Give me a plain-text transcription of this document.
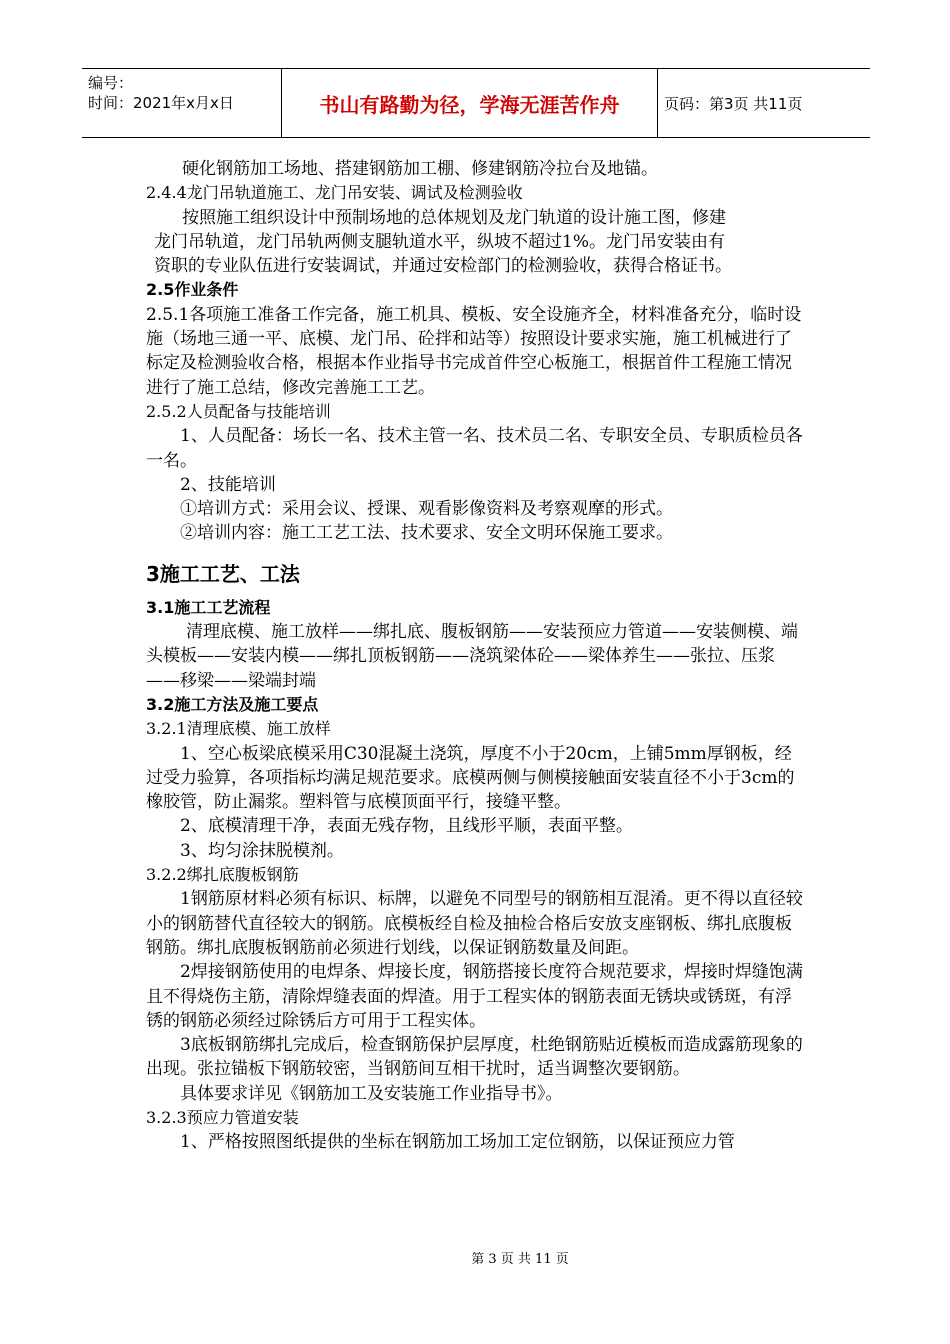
编号：
时间：2021年x月x日	书山有路勤为径，学海无涯苦作舟	页码：第3页 共11页

硬化钢筋加工场地、搭建钢筋加工棚、修建钢筋冷拉台及地锚。

2.4.4龙门吊轨道施工、龙门吊安装、调试及检测验收

按照施工组织设计中预制场地的总体规划及龙门轨道的设计施工图，修建

龙门吊轨道，龙门吊轨两侧支腿轨道水平，纵坡不超过1%。龙门吊安装由有

资职的专业队伍进行安装调试，并通过安检部门的检测验收，获得合格证书。

2.5作业条件

2.5.1各项施工准备工作完备，施工机具、模板、安全设施齐全，材料准备充分，临时设施（场地三通一平、底模、龙门吊、砼拌和站等）按照设计要求实施，施工机械进行了标定及检测验收合格，根据本作业指导书完成首件空心板施工，根据首件工程施工情况进行了施工总结，修改完善施工工艺。

2.5.2人员配备与技能培训

1、人员配备：场长一名、技术主管一名、技术员二名、专职安全员、专职质检员各一名。

2、技能培训

①培训方式：采用会议、授课、观看影像资料及考察观摩的形式。

②培训内容：施工工艺工法、技术要求、安全文明环保施工要求。

3施工工艺、工法

3.1施工工艺流程

清理底模、施工放样——绑扎底、腹板钢筋——安装预应力管道——安装侧模、端头模板——安装内模——绑扎顶板钢筋——浇筑梁体砼——梁体养生——张拉、压浆——移梁——梁端封端

3.2施工方法及施工要点

3.2.1清理底模、施工放样

1、空心板梁底模采用C30混凝土浇筑，厚度不小于20cm，上铺5mm厚钢板，经过受力验算，各项指标均满足规范要求。底模两侧与侧模接触面安装直径不小于3cm的橡胶管，防止漏浆。塑料管与底模顶面平行，接缝平整。

2、底模清理干净，表面无残存物，且线形平顺，表面平整。

3、均匀涂抹脱模剂。

3.2.2绑扎底腹板钢筋

1钢筋原材料必须有标识、标牌，以避免不同型号的钢筋相互混淆。更不得以直径较小的钢筋替代直径较大的钢筋。底模板经自检及抽检合格后安放支座钢板、绑扎底腹板钢筋。绑扎底腹板钢筋前必须进行划线，以保证钢筋数量及间距。

2焊接钢筋使用的电焊条、焊接长度，钢筋搭接长度符合规范要求，焊接时焊缝饱满且不得烧伤主筋，清除焊缝表面的焊渣。用于工程实体的钢筋表面无锈块或锈斑，有浮锈的钢筋必须经过除锈后方可用于工程实体。

3底板钢筋绑扎完成后，检查钢筋保护层厚度，杜绝钢筋贴近模板而造成露筋现象的出现。张拉锚板下钢筋较密，当钢筋间互相干扰时，适当调整次要钢筋。

具体要求详见《钢筋加工及安装施工作业指导书》。

3.2.3预应力管道安装

1、严格按照图纸提供的坐标在钢筋加工场加工定位钢筋，以保证预应力管

第 3 页 共 11 页
